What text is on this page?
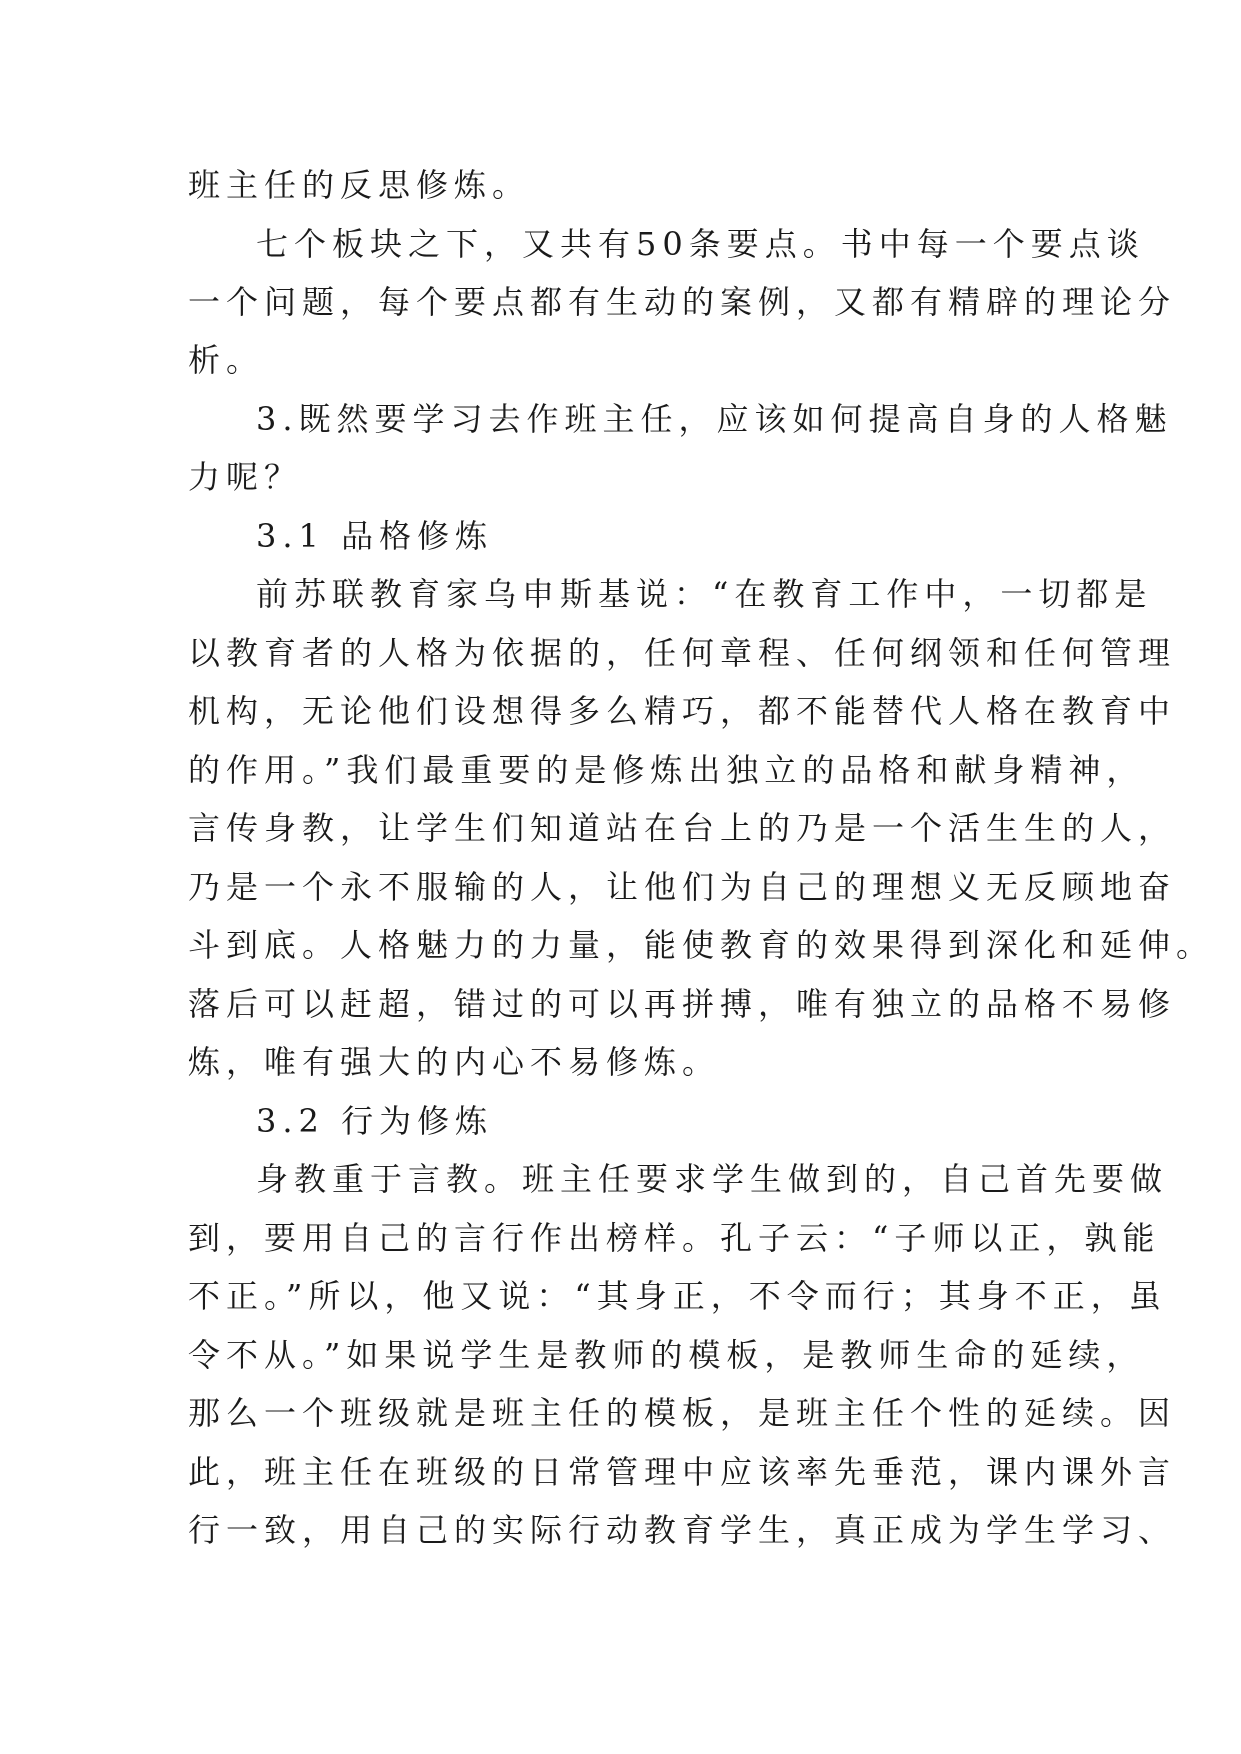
班主任的反思修炼。
七个板块之下，又共有50条要点。书中每一个要点谈
一个问题，每个要点都有生动的案例，又都有精辟的理论分
析。
3.既然要学习去作班主任，应该如何提高自身的人格魅
力呢？
3.1 品格修炼
前苏联教育家乌申斯基说：“在教育工作中，一切都是
以教育者的人格为依据的，任何章程、任何纲领和任何管理
机构，无论他们设想得多么精巧，都不能替代人格在教育中
的作用。”我们最重要的是修炼出独立的品格和献身精神，
言传身教，让学生们知道站在台上的乃是一个活生生的人，
乃是一个永不服输的人，让他们为自己的理想义无反顾地奋
斗到底。人格魅力的力量，能使教育的效果得到深化和延伸。
落后可以赶超，错过的可以再拼搏，唯有独立的品格不易修
炼，唯有强大的内心不易修炼。
3.2 行为修炼
身教重于言教。班主任要求学生做到的，自己首先要做
到，要用自己的言行作出榜样。孔子云：“子师以正，孰能
不正。”所以，他又说：“其身正，不令而行；其身不正，虽
令不从。”如果说学生是教师的模板，是教师生命的延续，
那么一个班级就是班主任的模板，是班主任个性的延续。因
此，班主任在班级的日常管理中应该率先垂范，课内课外言
行一致，用自己的实际行动教育学生，真正成为学生学习、
